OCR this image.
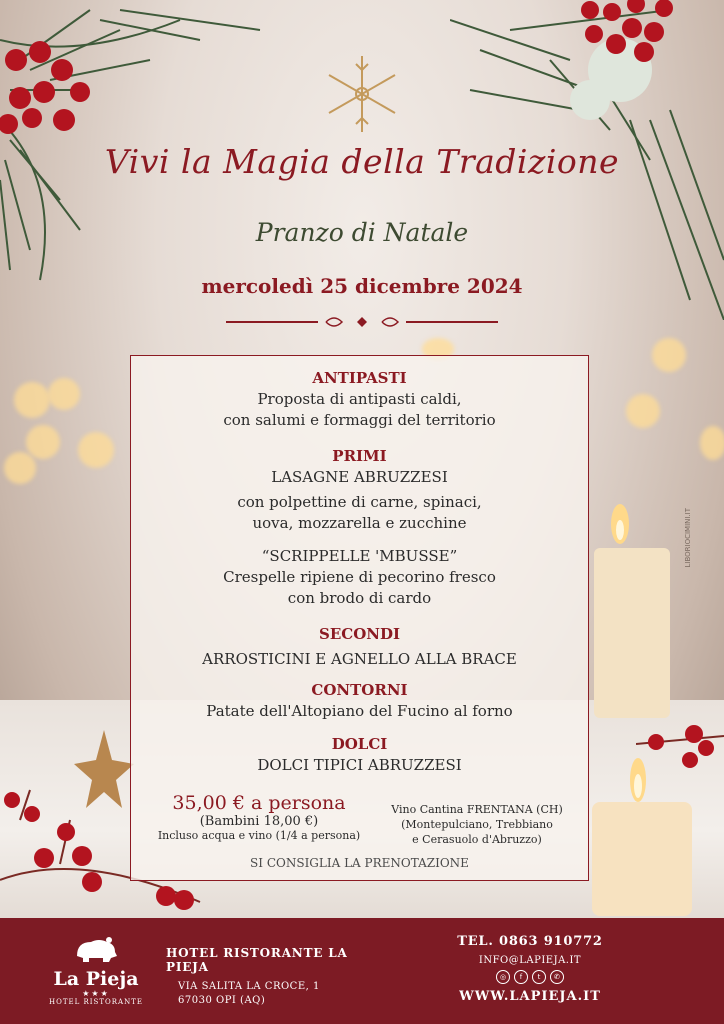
Vivi la Magia della Tradizione
Pranzo di Natale
mercoledì 25 dicembre 2024
ANTIPASTI
Proposta di antipasti caldi,
con salumi e formaggi del territorio
PRIMI
LASAGNE ABRUZZESI
con polpettine di carne, spinaci,
uova, mozzarella e zucchine
“SCRIPPELLE 'MBUSSE”
Crespelle ripiene di pecorino fresco
con brodo di cardo
SECONDI
ARROSTICINI E AGNELLO ALLA BRACE
CONTORNI
Patate dell'Altopiano del Fucino al forno
DOLCI
DOLCI TIPICI ABRUZZESI
35,00 € a persona
(Bambini 18,00 €)
Incluso acqua e vino (1/4 a persona)
Vino Cantina FRENTANA (CH)
(Montepulciano, Trebbiano
e Cerasuolo d'Abruzzo)
SI CONSIGLIA LA PRENOTAZIONE
LIBORIOCIMINI.IT
La Pieja
★★★
HOTEL RISTORANTE
HOTEL RISTORANTE LA PIEJA
VIA SALITA LA CROCE, 1
67030 OPI (AQ)
TEL. 0863 910772
INFO@LAPIEJA.IT
◎	f	t	✆
WWW.LAPIEJA.IT
